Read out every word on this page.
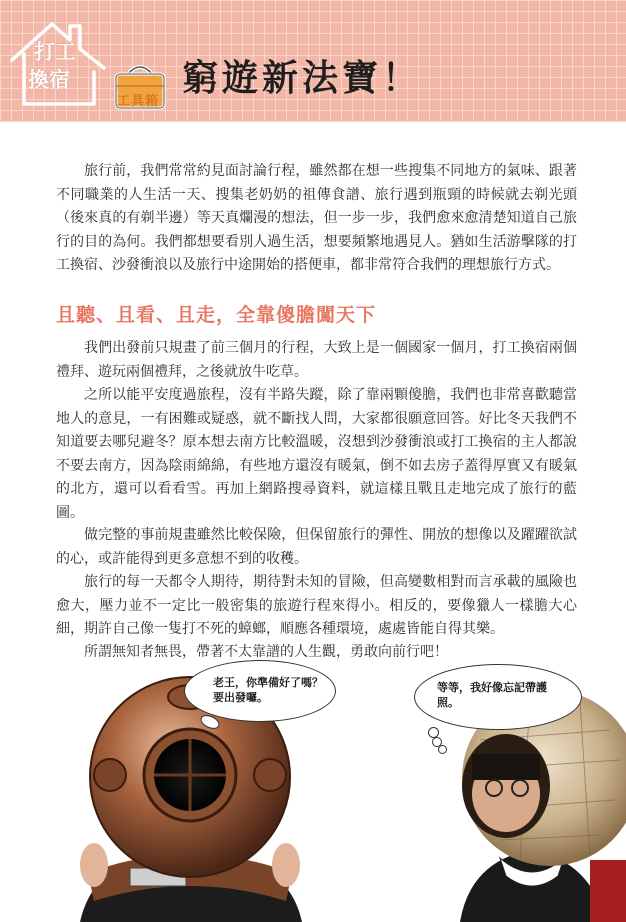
打工
換宿
工具箱
窮遊新法寶！

旅行前，我們常常約見面討論行程，雖然都在想一些搜集不同地方的氣味、跟著不同職業的人生活一天、搜集老奶奶的祖傳食譜、旅行遇到瓶頸的時候就去剃光頭（後來真的有剃半邊）等天真爛漫的想法，但一步一步，我們愈來愈清楚知道自己旅行的目的為何。我們都想要看別人過生活，想要頻繁地遇見人。猶如生活游擊隊的打工換宿、沙發衝浪以及旅行中途開始的搭便車，都非常符合我們的理想旅行方式。

且聽、且看、且走，全靠傻膽闖天下

我們出發前只規畫了前三個月的行程，大致上是一個國家一個月，打工換宿兩個禮拜、遊玩兩個禮拜，之後就放牛吃草。

之所以能平安度過旅程，沒有半路失蹤，除了靠兩顆傻膽，我們也非常喜歡聽當地人的意見，一有困難或疑惑，就不斷找人問，大家都很願意回答。好比冬天我們不知道要去哪兒避冬？原本想去南方比較溫暖，沒想到沙發衝浪或打工換宿的主人都說不要去南方，因為陰雨綿綿，有些地方還沒有暖氣，倒不如去房子蓋得厚實又有暖氣的北方，還可以看看雪。再加上網路搜尋資料，就這樣且戰且走地完成了旅行的藍圖。

做完整的事前規畫雖然比較保險，但保留旅行的彈性、開放的想像以及躍躍欲試的心，或許能得到更多意想不到的收穫。

旅行的每一天都令人期待，期待對未知的冒險，但高變數相對而言承載的風險也愈大，壓力並不一定比一般密集的旅遊行程來得小。相反的，要像獵人一樣膽大心細，期許自己像一隻打不死的蟑螂，順應各種環境，處處皆能自得其樂。

所謂無知者無畏，帶著不太靠譜的人生觀，勇敢向前行吧！

老王，你準備好了嗎？要出發囉。
等等，我好像忘記帶護照。
